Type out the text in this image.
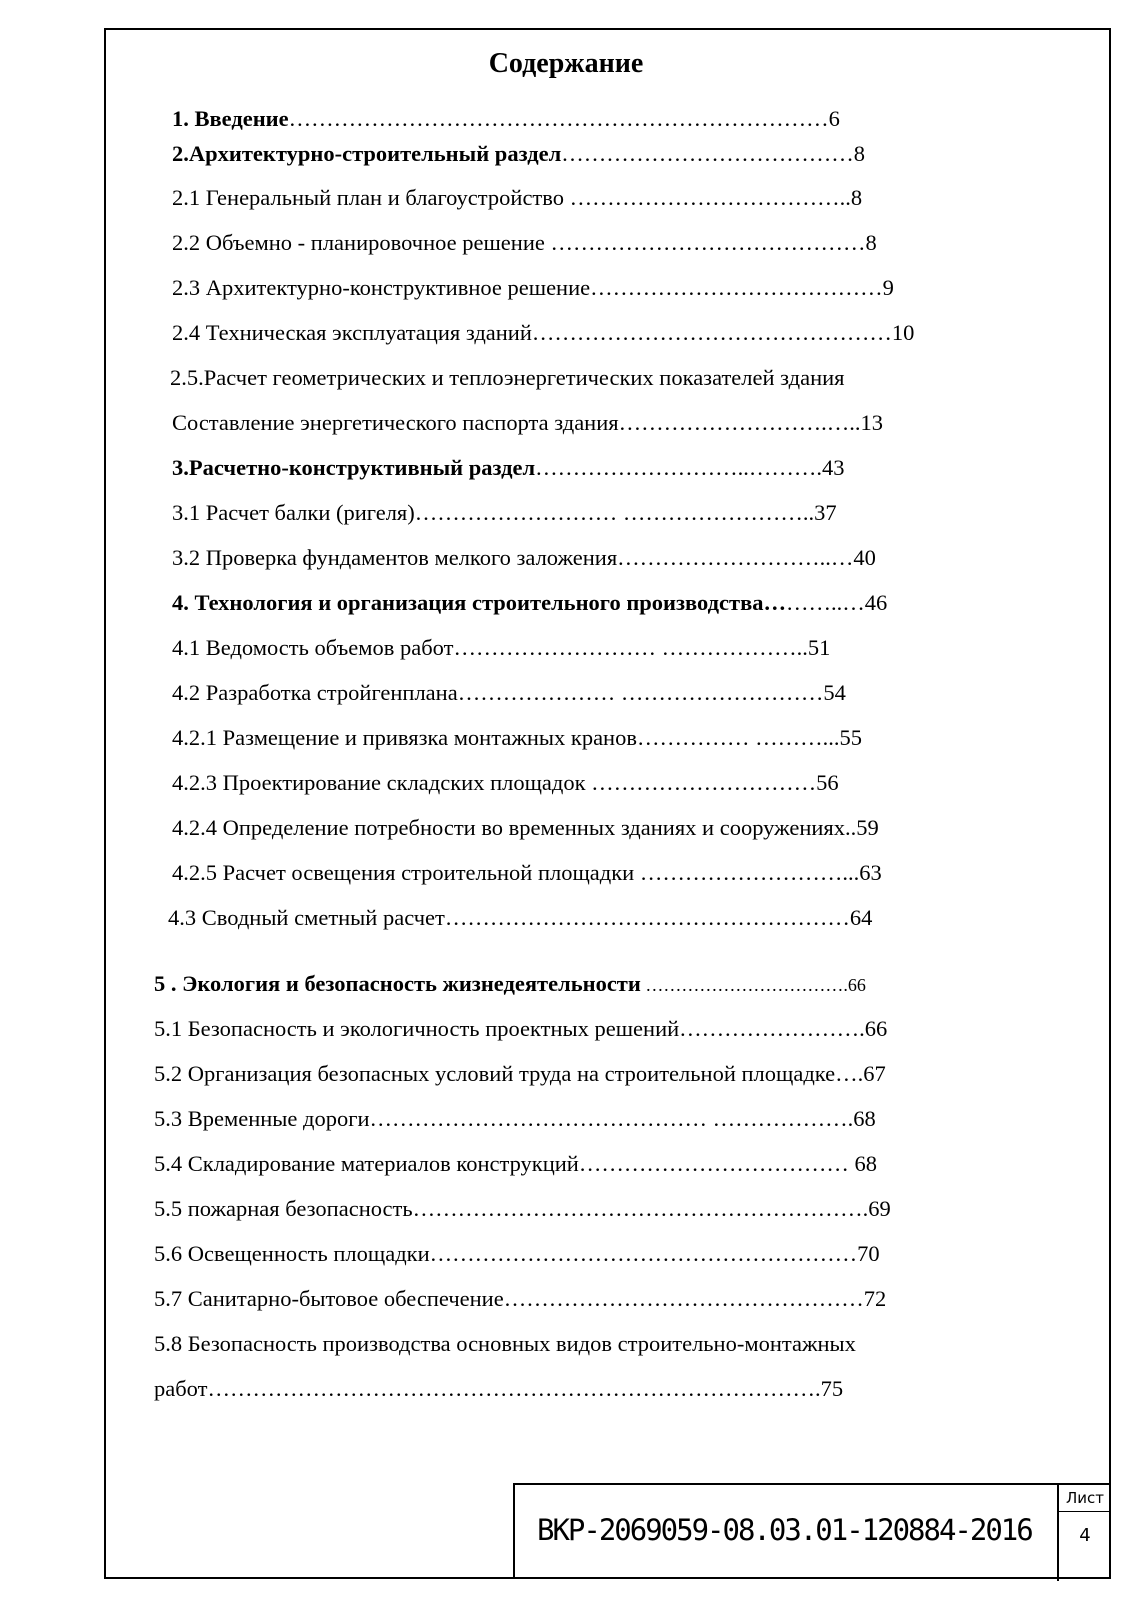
Содержание
1. Введение………………………………………………………………6
2.Архитектурно-строительный раздел…………………………………8
2.1 Генеральный план и благоустройство ………………………………..8
2.2 Объемно - планировочное решение ……………………………………8
2.3 Архитектурно-конструктивное решение…………………………………9
2.4 Техническая эксплуатация зданий…………………………………………10
2.5.Расчет геометрических и теплоэнергетических показателей здания
Составление энергетического паспорта здания……………………….…..13
3.Расчетно-конструктивный раздел………………………..……….43
3.1 Расчет балки (ригеля)……………………… ……………………..37
3.2 Проверка фундаментов мелкого заложения………………………..…40
4. Технология и организация строительного производства………..…46
4.1 Ведомость объемов работ……………………… ………………..51
4.2 Разработка стройгенплана………………… ………………………54
4.2.1 Размещение и привязка монтажных кранов…………… ………...55
4.2.3 Проектирование складских площадок …………………………56
4.2.4 Определение потребности во временных зданиях и сооружениях..59
4.2.5 Расчет освещения строительной площадки ………………………...63
4.3 Сводный сметный расчет………………………………………………64
5 . Экология и безопасность жизнедеятельности …………………………….66
5.1 Безопасность и экологичность проектных решений…………………….66
5.2 Организация безопасных условий труда на строительной площадке….67
5.3 Временные дороги……………………………………… ……………….68
5.4 Складирование материалов конструкций……………………………… 68
5.5 пожарная безопасность…………………………………………………….69
5.6 Освещенность площадки…………………………………………………70
5.7 Санитарно-бытовое обеспечение…………………………………………72
5.8 Безопасность производства основных видов строительно-монтажных
работ……………………………………………………………………….75
ВКР-2069059-08.03.01-120884-2016
Лист
4
